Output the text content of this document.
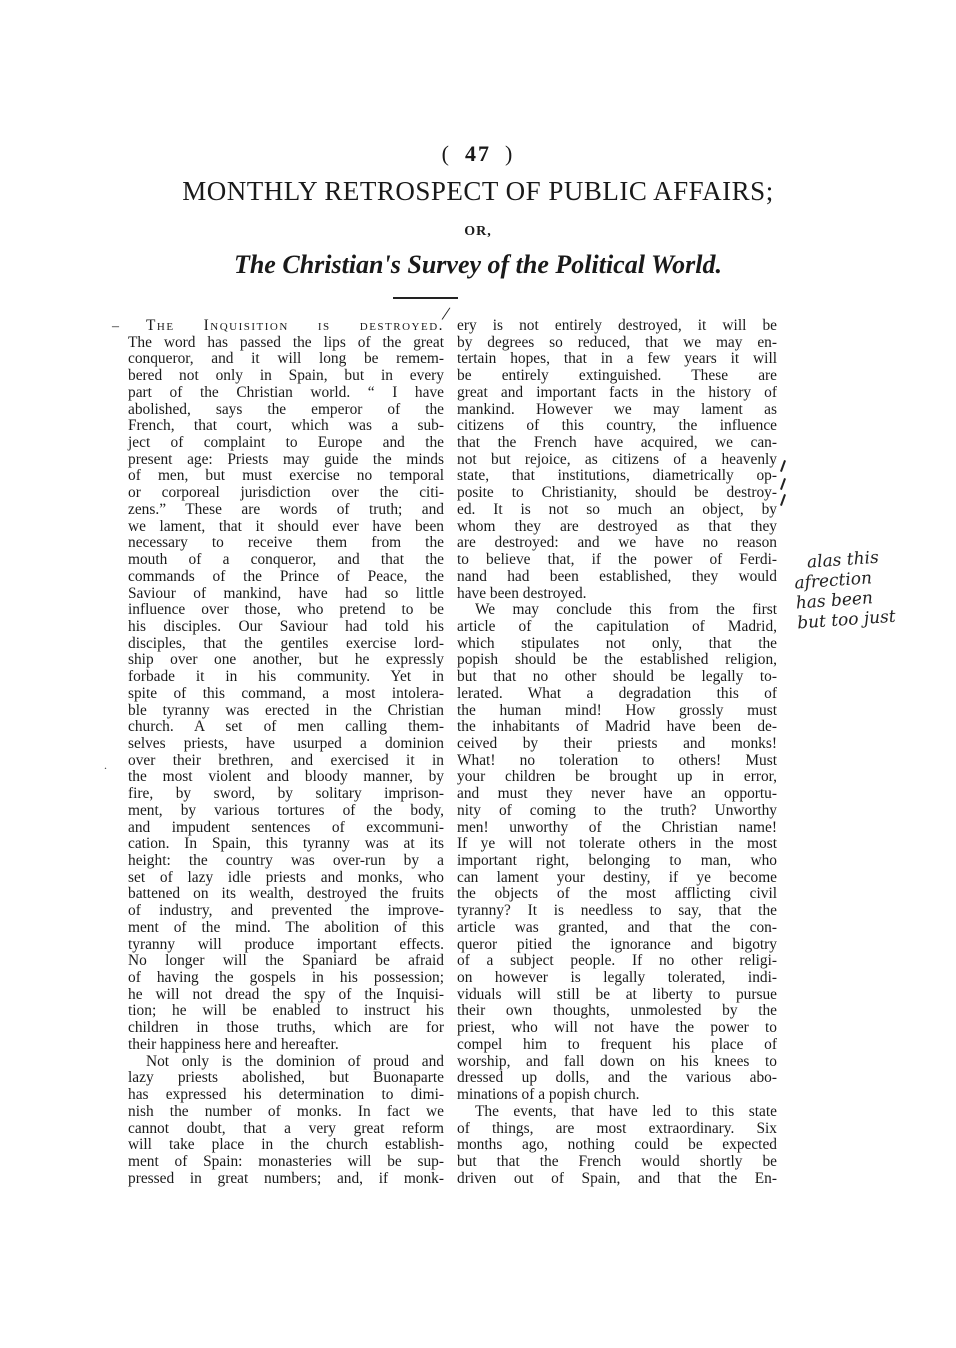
( 47 )
MONTHLY RETROSPECT OF PUBLIC AFFAIRS;
OR,
The Christian's Survey of the Political World.
/
–
.
The Inquisition is destroyed.
The word has passed the lips of the great
conqueror, and it will long be remem-
bered not only in Spain, but in every
part of the Christian world. “ I have
abolished, says the emperor of the
French, that court, which was a sub-
ject of complaint to Europe and the
present age: Priests may guide the minds
of men, but must exercise no temporal
or corporeal jurisdiction over the citi-
zens.” These are words of truth; and
we lament, that it should ever have been
necessary to receive them from the
mouth of a conqueror, and that the
commands of the Prince of Peace, the
Saviour of mankind, have had so little
influence over those, who pretend to be
his disciples. Our Saviour had told his
disciples, that the gentiles exercise lord-
ship over one another, but he expressly
forbade it in his community. Yet in
spite of this command, a most intolera-
ble tyranny was erected in the Christian
church. A set of men calling them-
selves priests, have usurped a dominion
over their brethren, and exercised it in
the most violent and bloody manner, by
fire, by sword, by solitary imprison-
ment, by various tortures of the body,
and impudent sentences of excommuni-
cation. In Spain, this tyranny was at its
height: the country was over-run by a
set of lazy idle priests and monks, who
battened on its wealth, destroyed the fruits
of industry, and prevented the improve-
ment of the mind. The abolition of this
tyranny will produce important effects.
No longer will the Spaniard be afraid
of having the gospels in his possession;
he will not dread the spy of the Inquisi-
tion; he will be enabled to instruct his
children in those truths, which are for
their happiness here and hereafter.
Not only is the dominion of proud and
lazy priests abolished, but Buonaparte
has expressed his determination to dimi-
nish the number of monks. In fact we
cannot doubt, that a very great reform
will take place in the church establish-
ment of Spain: monasteries will be sup-
pressed in great numbers; and, if monk-
ery is not entirely destroyed, it will be
by degrees so reduced, that we may en-
tertain hopes, that in a few years it will
be entirely extinguished. These are
great and important facts in the history of
mankind. However we may lament as
citizens of this country, the influence
that the French have acquired, we can-
not but rejoice, as citizens of a heavenly
state, that institutions, diametrically op-
posite to Christianity, should be destroy-
ed. It is not so much an object, by
whom they are destroyed as that they
are destroyed: and we have no reason
to believe that, if the power of Ferdi-
nand had been established, they would
have been destroyed.
We may conclude this from the first
article of the capitulation of Madrid,
which stipulates not only, that the
popish should be the established religion,
but that no other should be legally to-
lerated. What a degradation this of
the human mind! How grossly must
the inhabitants of Madrid have been de-
ceived by their priests and monks!
What! no toleration to others! Must
your children be brought up in error,
and must they never have an opportu-
nity of coming to the truth? Unworthy
men! unworthy of the Christian name!
If ye will not tolerate others in the most
important right, belonging to man, who
can lament your destiny, if ye become
the objects of the most afflicting civil
tyranny? It is needless to say, that the
article was granted, and that the con-
queror pitied the ignorance and bigotry
of a subject people. If no other religi-
on however is legally tolerated, indi-
viduals will still be at liberty to pursue
their own thoughts, unmolested by the
priest, who will not have the power to
compel him to frequent his place of
worship, and fall down on his knees to
dressed up dolls, and the various abo-
minations of a popish church.
The events, that have led to this state
of things, are most extraordinary. Six
months ago, nothing could be expected
but that the French would shortly be
driven out of Spain, and that the En-
alas this
afrection
has been
but too just
